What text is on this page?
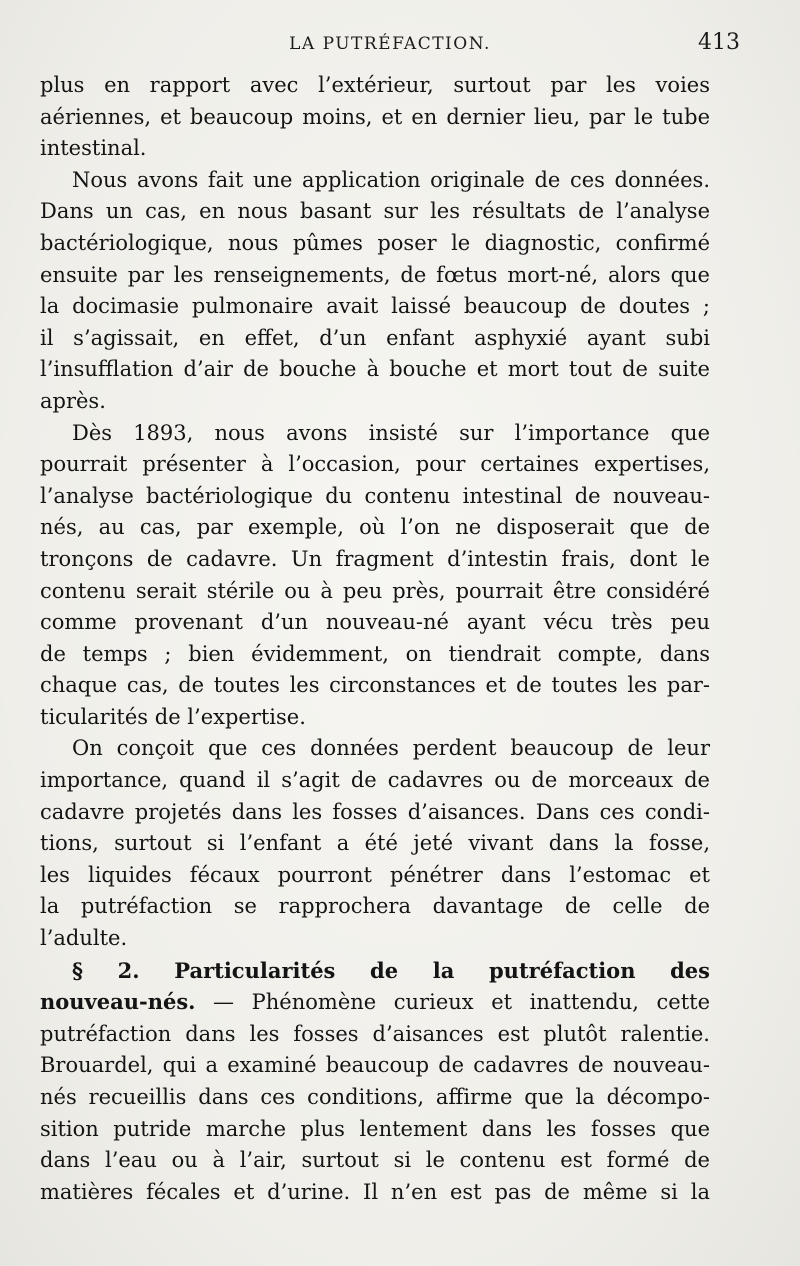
LA PUTRÉFACTION.	413

plus en rapport avec l’extérieur, surtout par les voies
aériennes, et beaucoup moins, et en dernier lieu, par le tube
intestinal.

Nous avons fait une application originale de ces données.
Dans un cas, en nous basant sur les résultats de l’analyse
bactériologique, nous pûmes poser le diagnostic, confirmé
ensuite par les renseignements, de fœtus mort-né, alors que
la docimasie pulmonaire avait laissé beaucoup de doutes ;
il s’agissait, en effet, d’un enfant asphyxié ayant subi
l’insufflation d’air de bouche à bouche et mort tout de suite
après.

Dès 1893, nous avons insisté sur l’importance que
pourrait présenter à l’occasion, pour certaines expertises,
l’analyse bactériologique du contenu intestinal de nouveau-
nés, au cas, par exemple, où l’on ne disposerait que de
tronçons de cadavre. Un fragment d’intestin frais, dont le
contenu serait stérile ou à peu près, pourrait être considéré
comme provenant d’un nouveau-né ayant vécu très peu
de temps ; bien évidemment, on tiendrait compte, dans
chaque cas, de toutes les circonstances et de toutes les par-
ticularités de l’expertise.

On conçoit que ces données perdent beaucoup de leur
importance, quand il s’agit de cadavres ou de morceaux de
cadavre projetés dans les fosses d’aisances. Dans ces condi-
tions, surtout si l’enfant a été jeté vivant dans la fosse,
les liquides fécaux pourront pénétrer dans l’estomac et
la putréfaction se rapprochera davantage de celle de
l’adulte.

§ 2. Particularités de la putréfaction des
nouveau-nés. — Phénomène curieux et inattendu, cette
putréfaction dans les fosses d’aisances est plutôt ralentie.
Brouardel, qui a examiné beaucoup de cadavres de nouveau-
nés recueillis dans ces conditions, affirme que la décompo-
sition putride marche plus lentement dans les fosses que
dans l’eau ou à l’air, surtout si le contenu est formé de
matières fécales et d’urine. Il n’en est pas de même si la
